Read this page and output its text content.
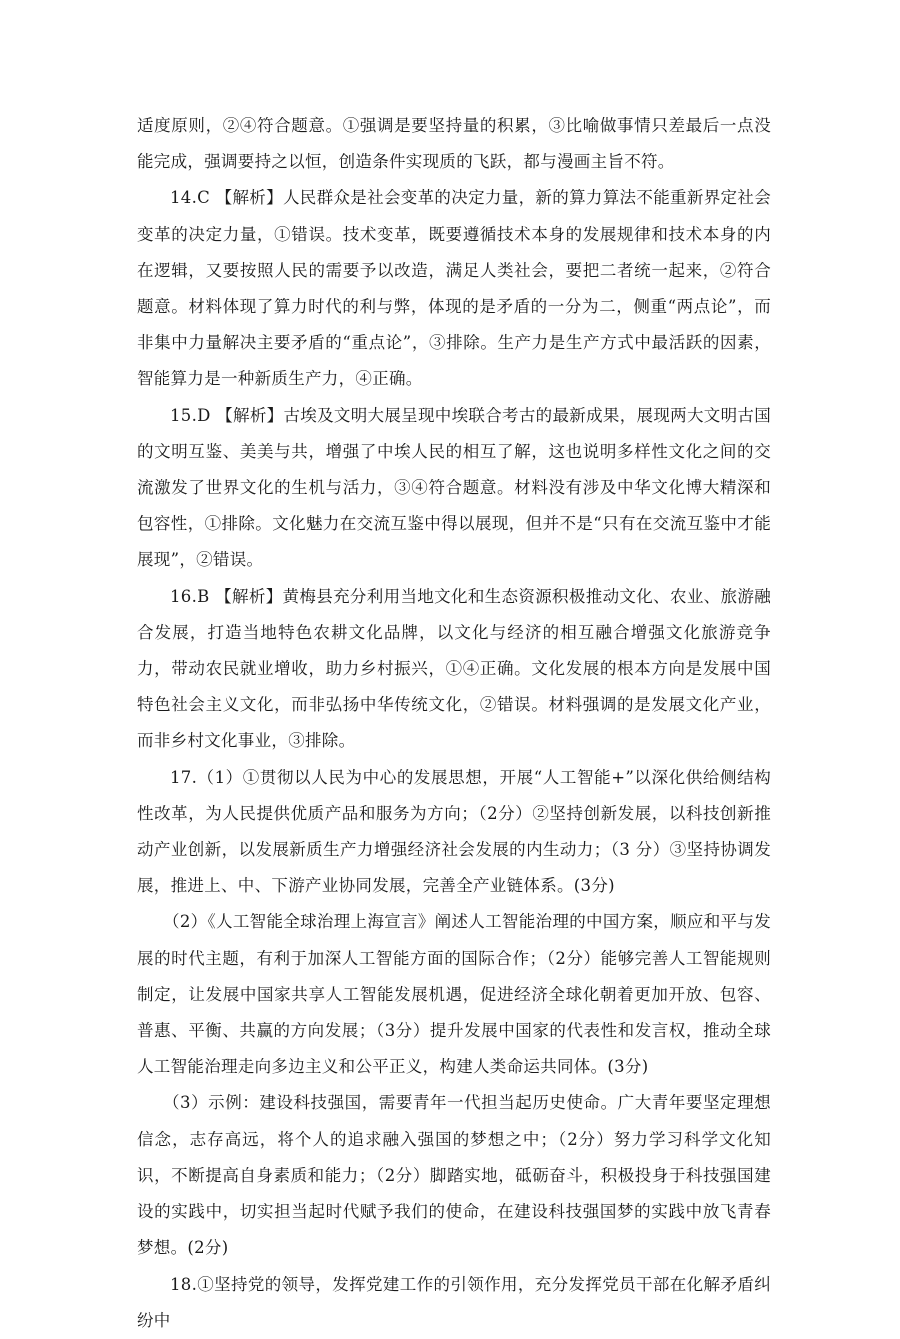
适度原则，②④符合题意。①强调是要坚持量的积累，③比喻做事情只差最后一点没能完成，强调要持之以恒，创造条件实现质的飞跃，都与漫画主旨不符。

14.C 【解析】人民群众是社会变革的决定力量，新的算力算法不能重新界定社会变革的决定力量，①错误。技术变革，既要遵循技术本身的发展规律和技术本身的内在逻辑，又要按照人民的需要予以改造，满足人类社会，要把二者统一起来，②符合题意。材料体现了算力时代的利与弊，体现的是矛盾的一分为二，侧重“两点论”，而非集中力量解决主要矛盾的“重点论”，③排除。生产力是生产方式中最活跃的因素，智能算力是一种新质生产力，④正确。

15.D 【解析】古埃及文明大展呈现中埃联合考古的最新成果，展现两大文明古国的文明互鉴、美美与共，增强了中埃人民的相互了解，这也说明多样性文化之间的交流激发了世界文化的生机与活力，③④符合题意。材料没有涉及中华文化博大精深和包容性，①排除。文化魅力在交流互鉴中得以展现，但并不是“只有在交流互鉴中才能展现”，②错误。

16.B 【解析】黄梅县充分利用当地文化和生态资源积极推动文化、农业、旅游融合发展，打造当地特色农耕文化品牌，以文化与经济的相互融合增强文化旅游竞争力，带动农民就业增收，助力乡村振兴，①④正确。文化发展的根本方向是发展中国特色社会主义文化，而非弘扬中华传统文化，②错误。材料强调的是发展文化产业，而非乡村文化事业，③排除。

17.（1）①贯彻以人民为中心的发展思想，开展“人工智能+”以深化供给侧结构性改革，为人民提供优质产品和服务为方向；（2分）②坚持创新发展，以科技创新推动产业创新，以发展新质生产力增强经济社会发展的内生动力；（3 分）③坚持协调发展，推进上、中、下游产业协同发展，完善全产业链体系。(3分)

（2）《人工智能全球治理上海宣言》阐述人工智能治理的中国方案，顺应和平与发展的时代主题，有利于加深人工智能方面的国际合作；（2分）能够完善人工智能规则制定，让发展中国家共享人工智能发展机遇，促进经济全球化朝着更加开放、包容、普惠、平衡、共赢的方向发展；（3分）提升发展中国家的代表性和发言权，推动全球人工智能治理走向多边主义和公平正义，构建人类命运共同体。(3分)

（3）示例：建设科技强国，需要青年一代担当起历史使命。广大青年要坚定理想信念，志存高远，将个人的追求融入强国的梦想之中；（2分）努力学习科学文化知识，不断提高自身素质和能力；（2分）脚踏实地，砥砺奋斗，积极投身于科技强国建设的实践中，切实担当起时代赋予我们的使命，在建设科技强国梦的实践中放飞青春梦想。(2分)

18.①坚持党的领导，发挥党建工作的引领作用，充分发挥党员干部在化解矛盾纠纷中
